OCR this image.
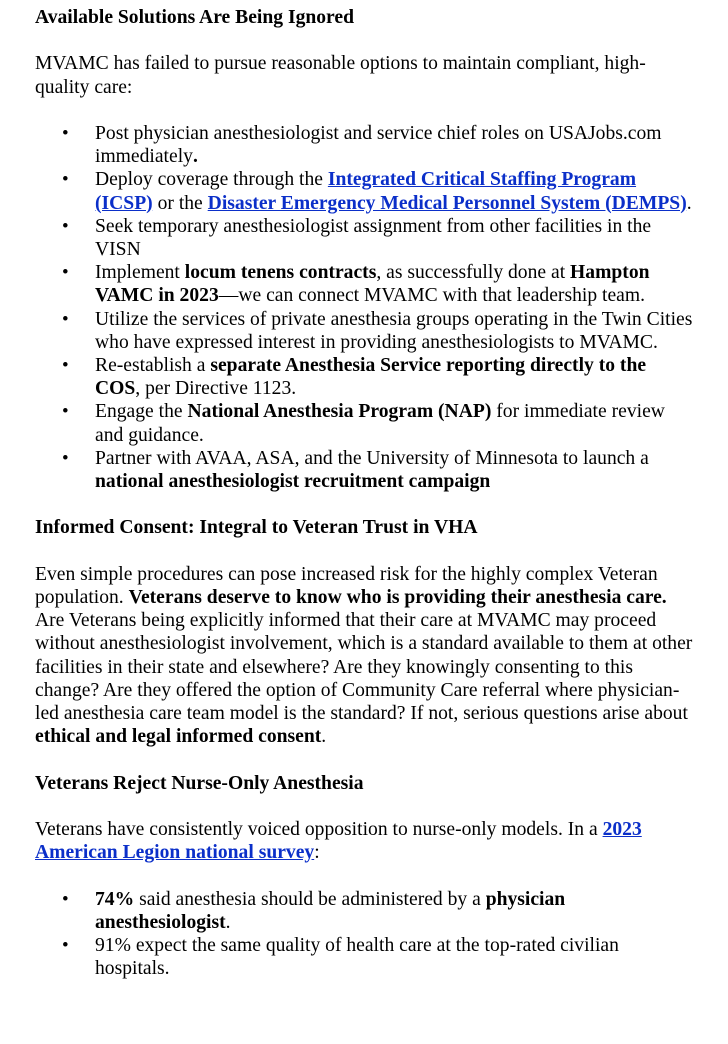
Available Solutions Are Being Ignored

MVAMC has failed to pursue reasonable options to maintain compliant, high-quality care:

• Post physician anesthesiologist and service chief roles on USAJobs.com immediately.
• Deploy coverage through the Integrated Critical Staffing Program (ICSP) or the Disaster Emergency Medical Personnel System (DEMPS).
• Seek temporary anesthesiologist assignment from other facilities in the VISN
• Implement locum tenens contracts, as successfully done at Hampton VAMC in 2023—we can connect MVAMC with that leadership team.
• Utilize the services of private anesthesia groups operating in the Twin Cities who have expressed interest in providing anesthesiologists to MVAMC.
• Re-establish a separate Anesthesia Service reporting directly to the COS, per Directive 1123.
• Engage the National Anesthesia Program (NAP) for immediate review and guidance.
• Partner with AVAA, ASA, and the University of Minnesota to launch a national anesthesiologist recruitment campaign
Informed Consent: Integral to Veteran Trust in VHA

Even simple procedures can pose increased risk for the highly complex Veteran population. Veterans deserve to know who is providing their anesthesia care. Are Veterans being explicitly informed that their care at MVAMC may proceed without anesthesiologist involvement, which is a standard available to them at other facilities in their state and elsewhere? Are they knowingly consenting to this change? Are they offered the option of Community Care referral where physician-led anesthesia care team model is the standard? If not, serious questions arise about ethical and legal informed consent.

Veterans Reject Nurse-Only Anesthesia

Veterans have consistently voiced opposition to nurse-only models. In a 2023 American Legion national survey:

• 74% said anesthesia should be administered by a physician anesthesiologist.
• 91% expect the same quality of health care at the top-rated civilian hospitals.
